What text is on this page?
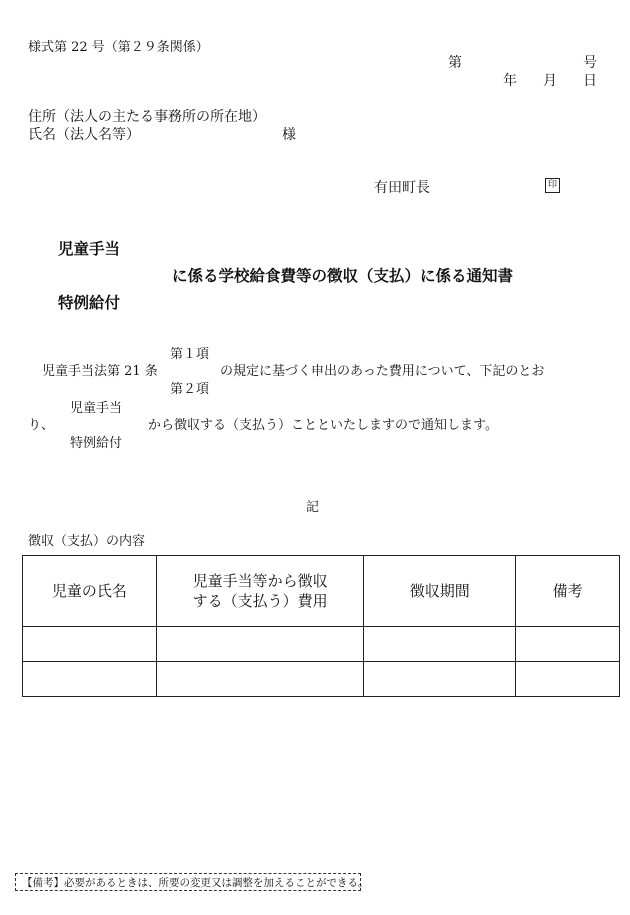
様式第 22 号（第２９条関係）
第	号
年 月 日
住所（法人の主たる事務所の所在地）
氏名（法人名等）	様
有田町長	印
児童手当
に係る学校給食費等の徴収（支払）に係る通知書
特例給付
第１項
児童手当法第 21 条	の規定に基づく申出のあった費用について、下記のとお
第２項
児童手当
り、	から徴収する（支払う）ことといたしますので通知します。
特例給付
記
徴収（支払）の内容
児童の氏名	児童手当等から徴収
する（支払う）費用	徴収期間	備考

【備考】必要があるときは、所要の変更又は調整を加えることができる。
